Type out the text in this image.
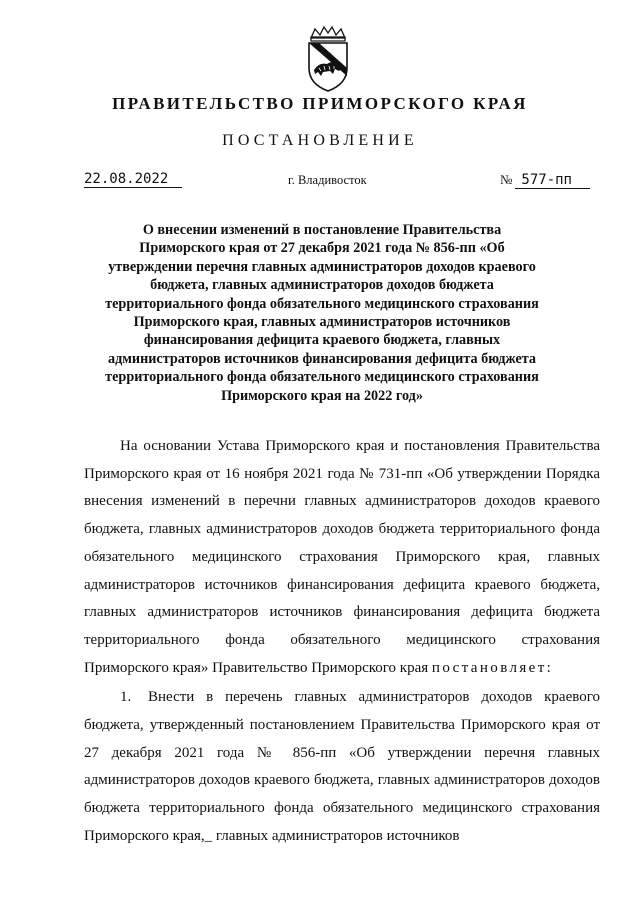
ПРАВИТЕЛЬСТВО ПРИМОРСКОГО КРАЯ
ПОСТАНОВЛЕНИЕ
22.08.2022	г. Владивосток	№ 577-пп

О внесении изменений в постановление Правительства Приморского края от 27 декабря 2021 года № 856-пп «Об утверждении перечня главных администраторов доходов краевого бюджета, главных администраторов доходов бюджета территориального фонда обязательного медицинского страхования Приморского края, главных администраторов источников финансирования дефицита краевого бюджета, главных администраторов источников финансирования дефицита бюджета территориального фонда обязательного медицинского страхования Приморского края на 2022 год»

На основании Устава Приморского края и постановления Правительства Приморского края от 16 ноября 2021 года № 731-пп «Об утверждении Порядка внесения изменений в перечни главных администраторов доходов краевого бюджета, главных администраторов доходов бюджета территориального фонда обязательного медицинского страхования Приморского края, главных администраторов источников финансирования дефицита краевого бюджета, главных администраторов источников финансирования дефицита бюджета территориального фонда обязательного медицинского страхования Приморского края» Правительство Приморского края постановляет:

1. Внести в перечень главных администраторов доходов краевого бюджета, утвержденный постановлением Правительства Приморского края от 27 декабря 2021 года № 856-пп «Об утверждении перечня главных администраторов доходов краевого бюджета, главных администраторов доходов бюджета территориального фонда обязательного медицинского страхования Приморского края,_ главных администраторов источников
